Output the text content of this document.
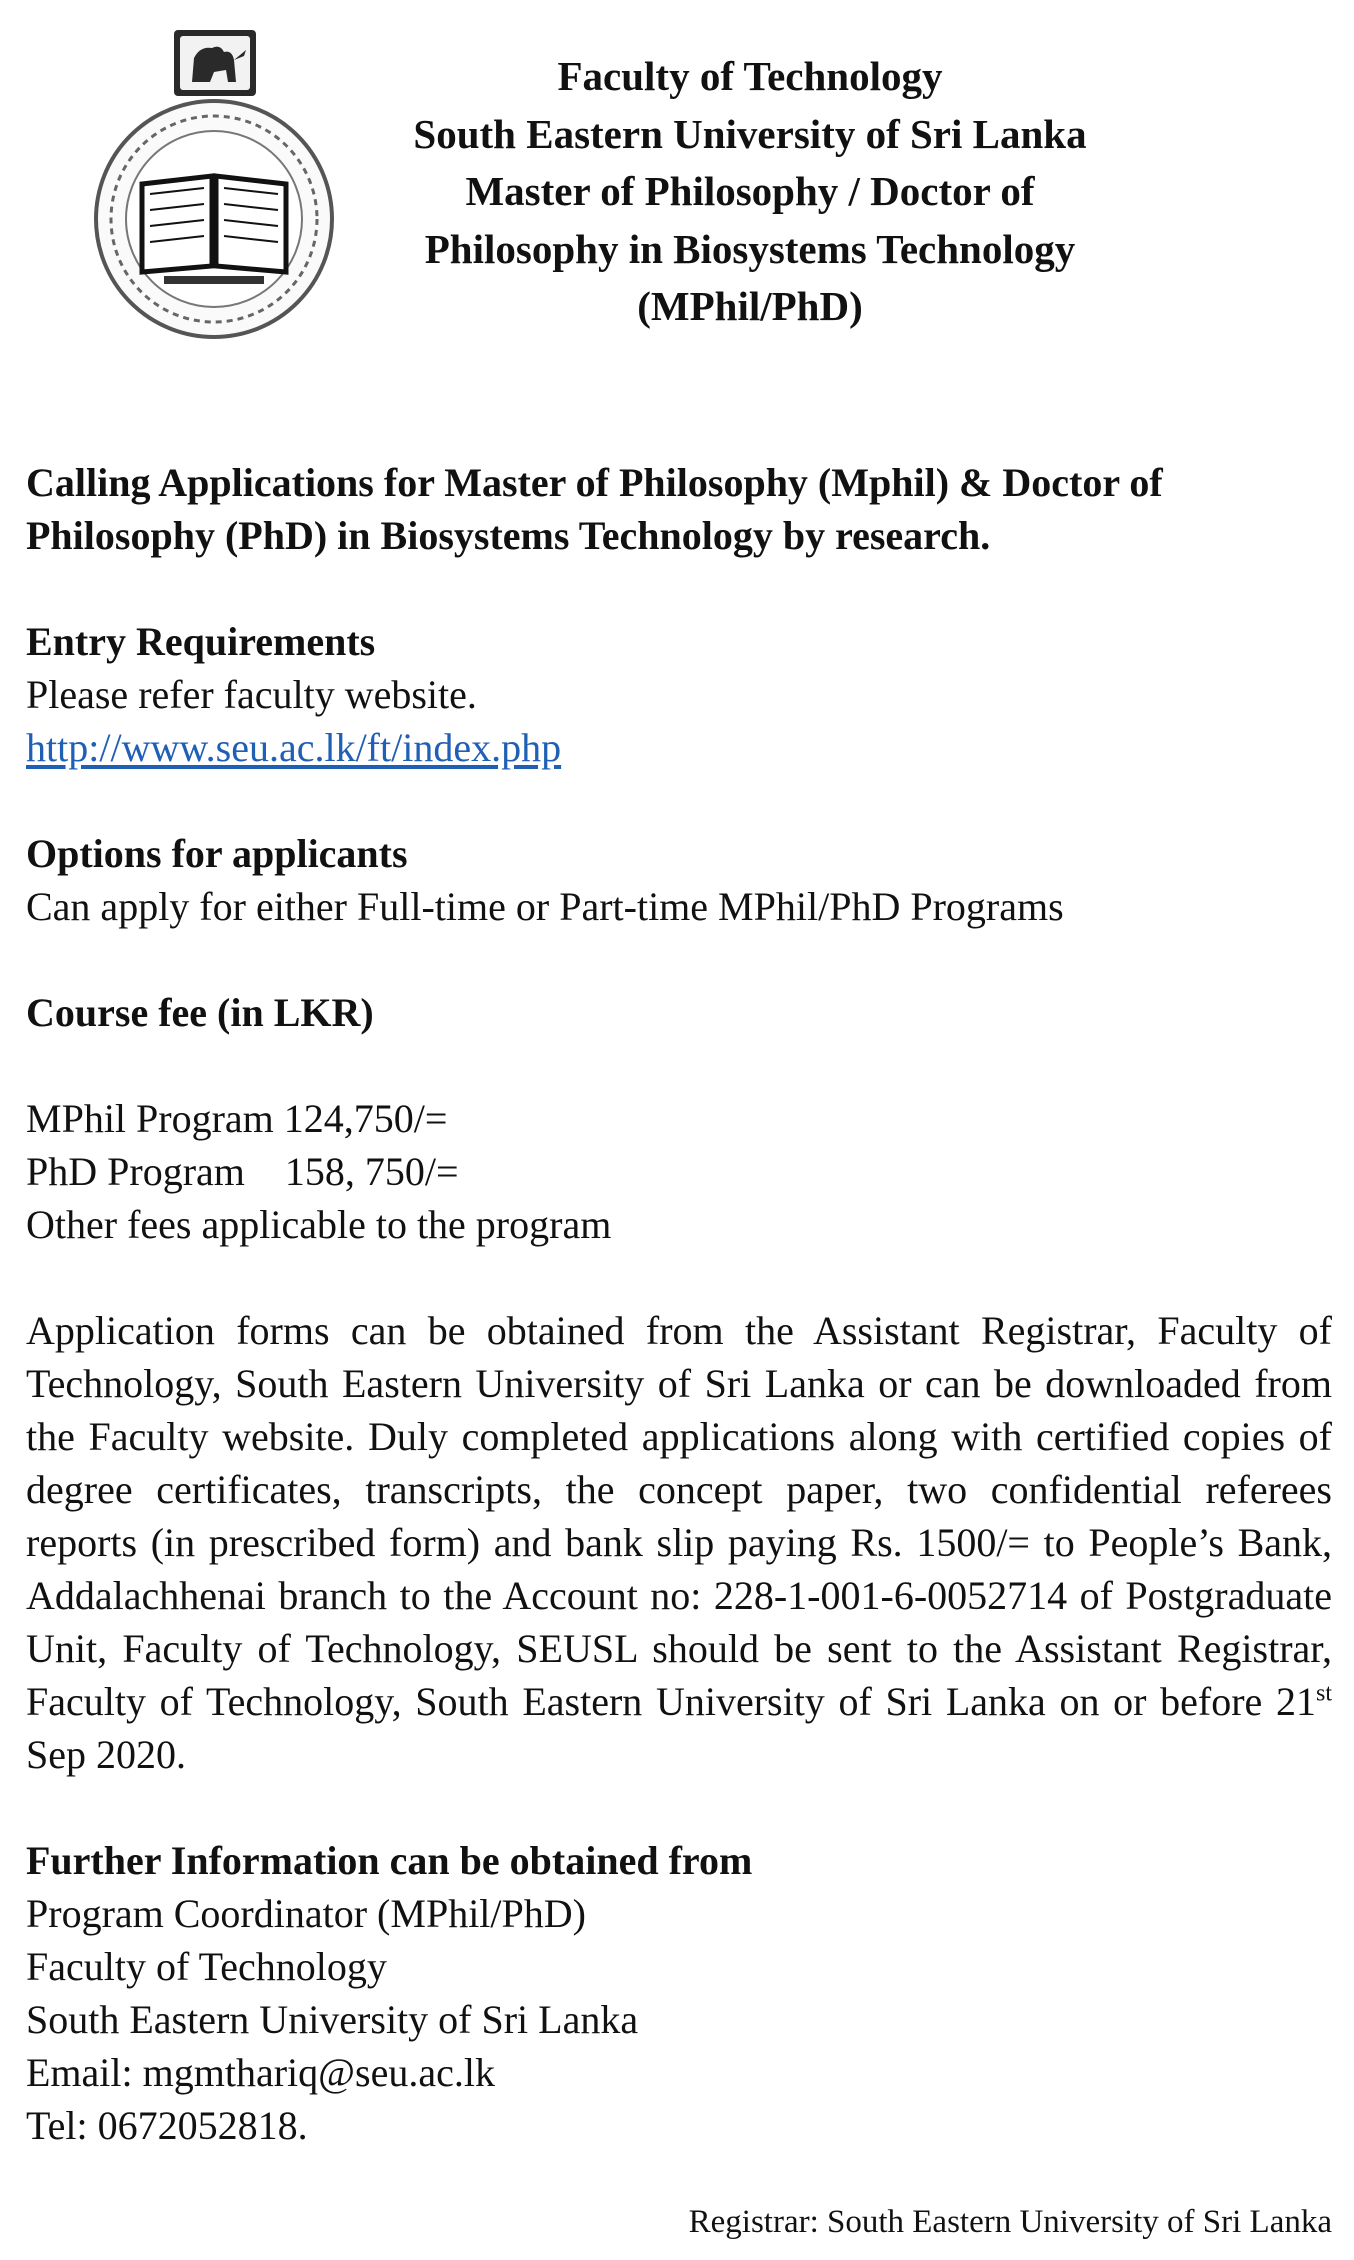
Faculty of Technology
South Eastern University of Sri Lanka
Master of Philosophy / Doctor of
Philosophy in Biosystems Technology
(MPhil/PhD)

Calling Applications for Master of Philosophy (Mphil) & Doctor of

Philosophy (PhD) in Biosystems Technology by research.

Entry Requirements

Please refer faculty website.

http://www.seu.ac.lk/ft/index.php

Options for applicants

Can apply for either Full-time or Part-time MPhil/PhD Programs

Course fee (in LKR)

MPhil Program 124,750/=

PhD Program    158, 750/=

Other fees applicable to the program

Application forms can be obtained from the Assistant Registrar, Faculty of Technology, South Eastern University of Sri Lanka or can be downloaded from the Faculty website. Duly completed applications along with certified copies of degree certificates, transcripts, the concept paper, two confidential referees reports (in prescribed form) and bank slip paying Rs. 1500/= to People’s Bank, Addalachhenai branch to the Account no: 228-1-001-6-0052714 of Postgraduate Unit, Faculty of Technology, SEUSL should be sent to the Assistant Registrar, Faculty of Technology, South Eastern University of Sri Lanka on or before 21st Sep 2020.

Further Information can be obtained from

Program Coordinator (MPhil/PhD)

Faculty of Technology

South Eastern University of Sri Lanka

Email: mgmthariq@seu.ac.lk

Tel: 0672052818.

Registrar: South Eastern University of Sri Lanka
